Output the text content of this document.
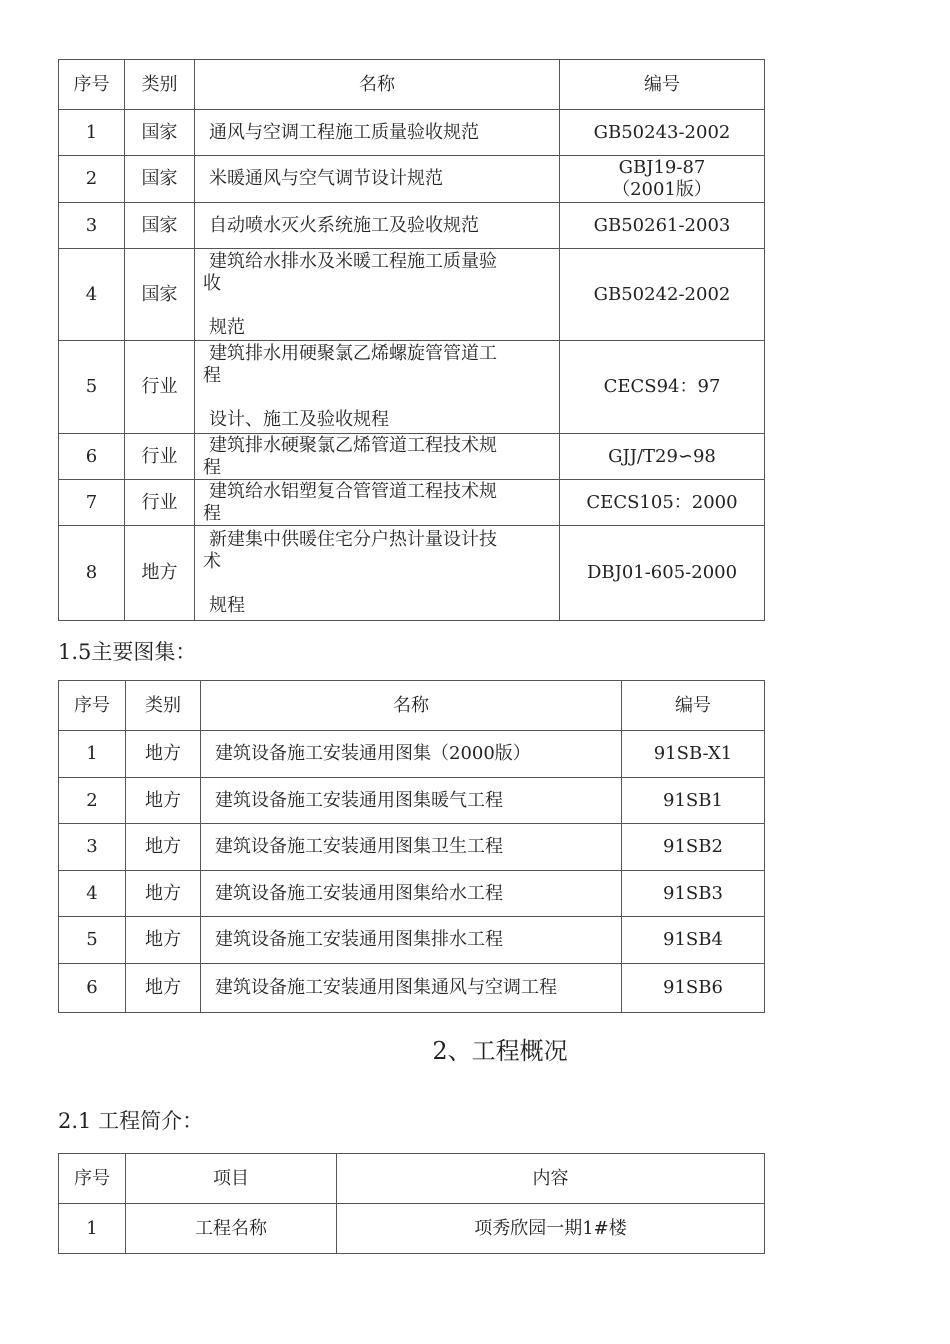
序号	类别	名称	编号
1	国家	通风与空调工程施工质量验收规范	GB50243-2002
2	国家	米暖通风与空气调节设计规范	GBJ19-87（2001版）
3	国家	自动喷水灭火系统施工及验收规范	GB50261-2003
4	国家	建筑给水排水及米暖工程施工质量验
收
规范	GB50242-2002
5	行业	建筑排水用硬聚氯乙烯螺旋管管道工
程
设计、施工及验收规程	CECS94：97
6	行业	建筑排水硬聚氯乙烯管道工程技术规
程	GJJ/T29∽98
7	行业	建筑给水铝塑复合管管道工程技术规
程	CECS105：2000
8	地方	新建集中供暖住宅分户热计量设计技
术
规程	DBJ01-605-2000

1.5主要图集：

序号	类别	名称	编号
1	地方	建筑设备施工安装通用图集（2000版）	91SB-X1
2	地方	建筑设备施工安装通用图集暖气工程	91SB1
3	地方	建筑设备施工安装通用图集卫生工程	91SB2
4	地方	建筑设备施工安装通用图集给水工程	91SB3
5	地方	建筑设备施工安装通用图集排水工程	91SB4
6	地方	建筑设备施工安装通用图集通风与空调工程	91SB6

2、工程概况

2.1 工程简介：

序号	项目	内容
1	工程名称	项秀欣园一期1#楼
